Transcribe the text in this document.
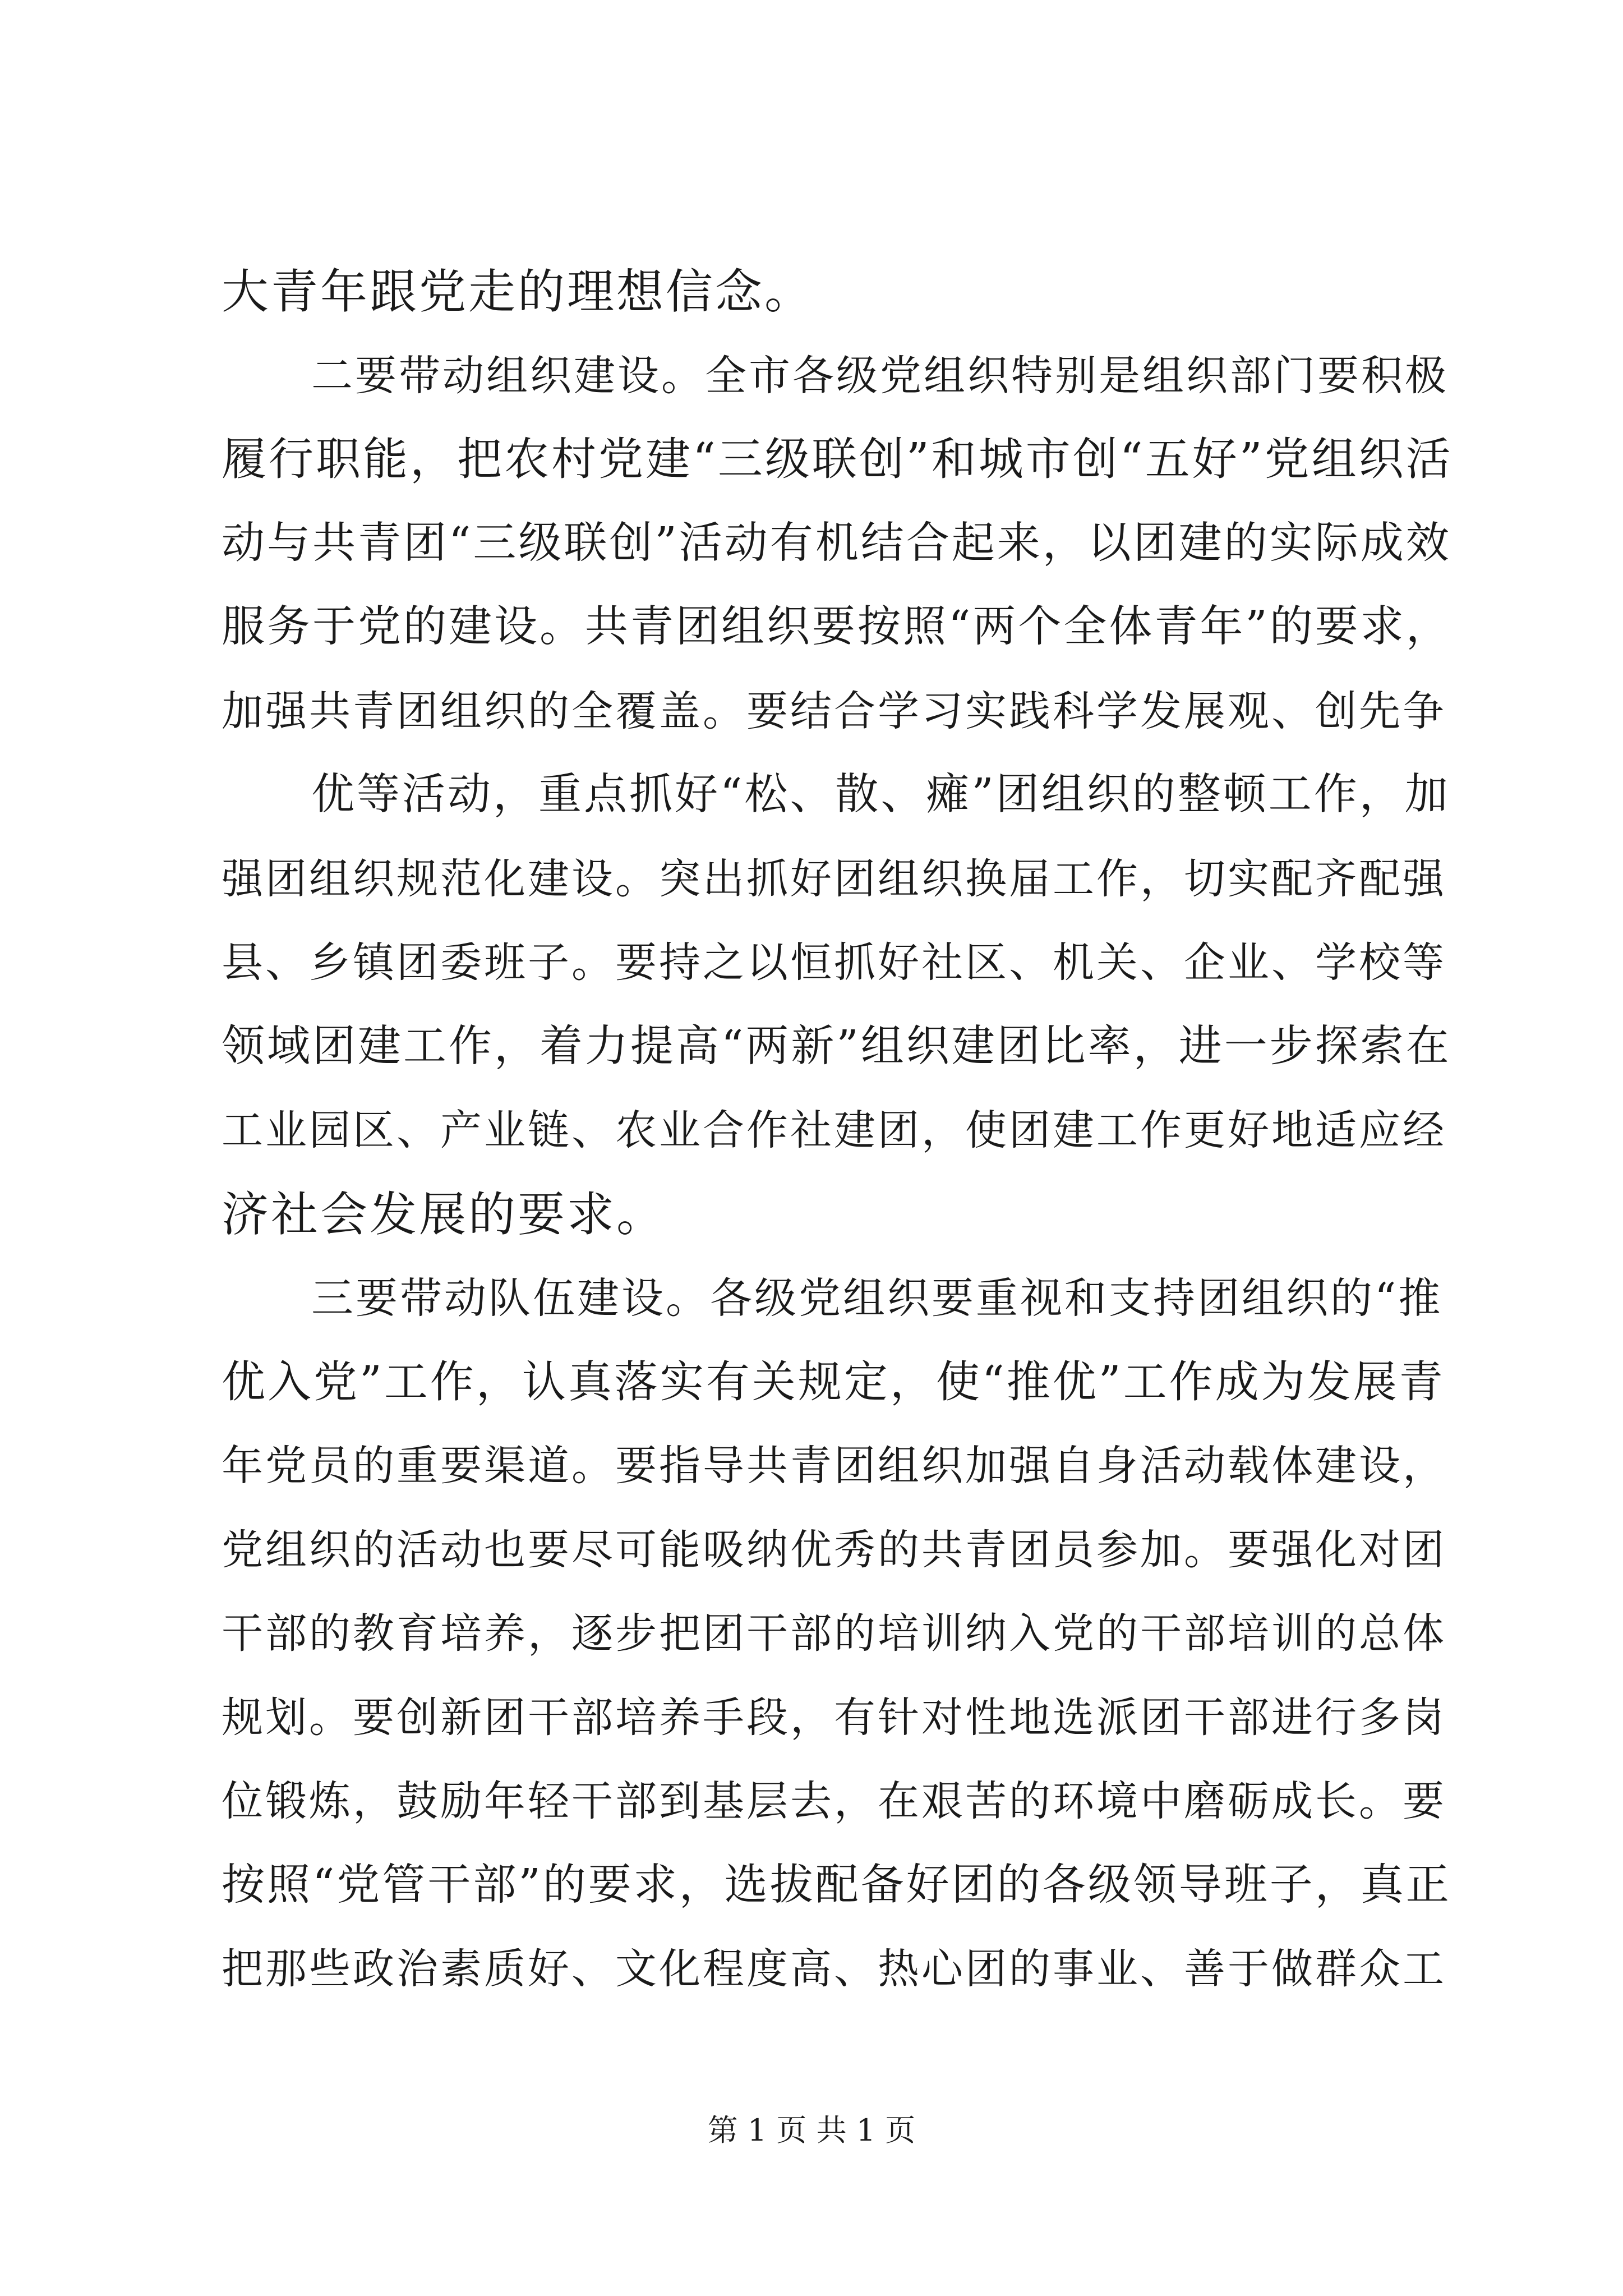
大青年跟党走的理想信念。
二要带动组织建设。全市各级党组织特别是组织部门要积极
履行职能，把农村党建“三级联创”和城市创“五好”党组织活
动与共青团“三级联创”活动有机结合起来，以团建的实际成效
服务于党的建设。共青团组织要按照“两个全体青年”的要求，
加强共青团组织的全覆盖。要结合学习实践科学发展观、创先争
优等活动，重点抓好“松、散、瘫”团组织的整顿工作，加
强团组织规范化建设。突出抓好团组织换届工作，切实配齐配强
县、乡镇团委班子。要持之以恒抓好社区、机关、企业、学校等
领域团建工作，着力提高“两新”组织建团比率，进一步探索在
工业园区、产业链、农业合作社建团，使团建工作更好地适应经
济社会发展的要求。
三要带动队伍建设。各级党组织要重视和支持团组织的“推
优入党”工作，认真落实有关规定，使“推优”工作成为发展青
年党员的重要渠道。要指导共青团组织加强自身活动载体建设，
党组织的活动也要尽可能吸纳优秀的共青团员参加。要强化对团
干部的教育培养，逐步把团干部的培训纳入党的干部培训的总体
规划。要创新团干部培养手段，有针对性地选派团干部进行多岗
位锻炼，鼓励年轻干部到基层去，在艰苦的环境中磨砺成长。要
按照“党管干部”的要求，选拔配备好团的各级领导班子，真正
把那些政治素质好、文化程度高、热心团的事业、善于做群众工
第 1 页 共 1 页
